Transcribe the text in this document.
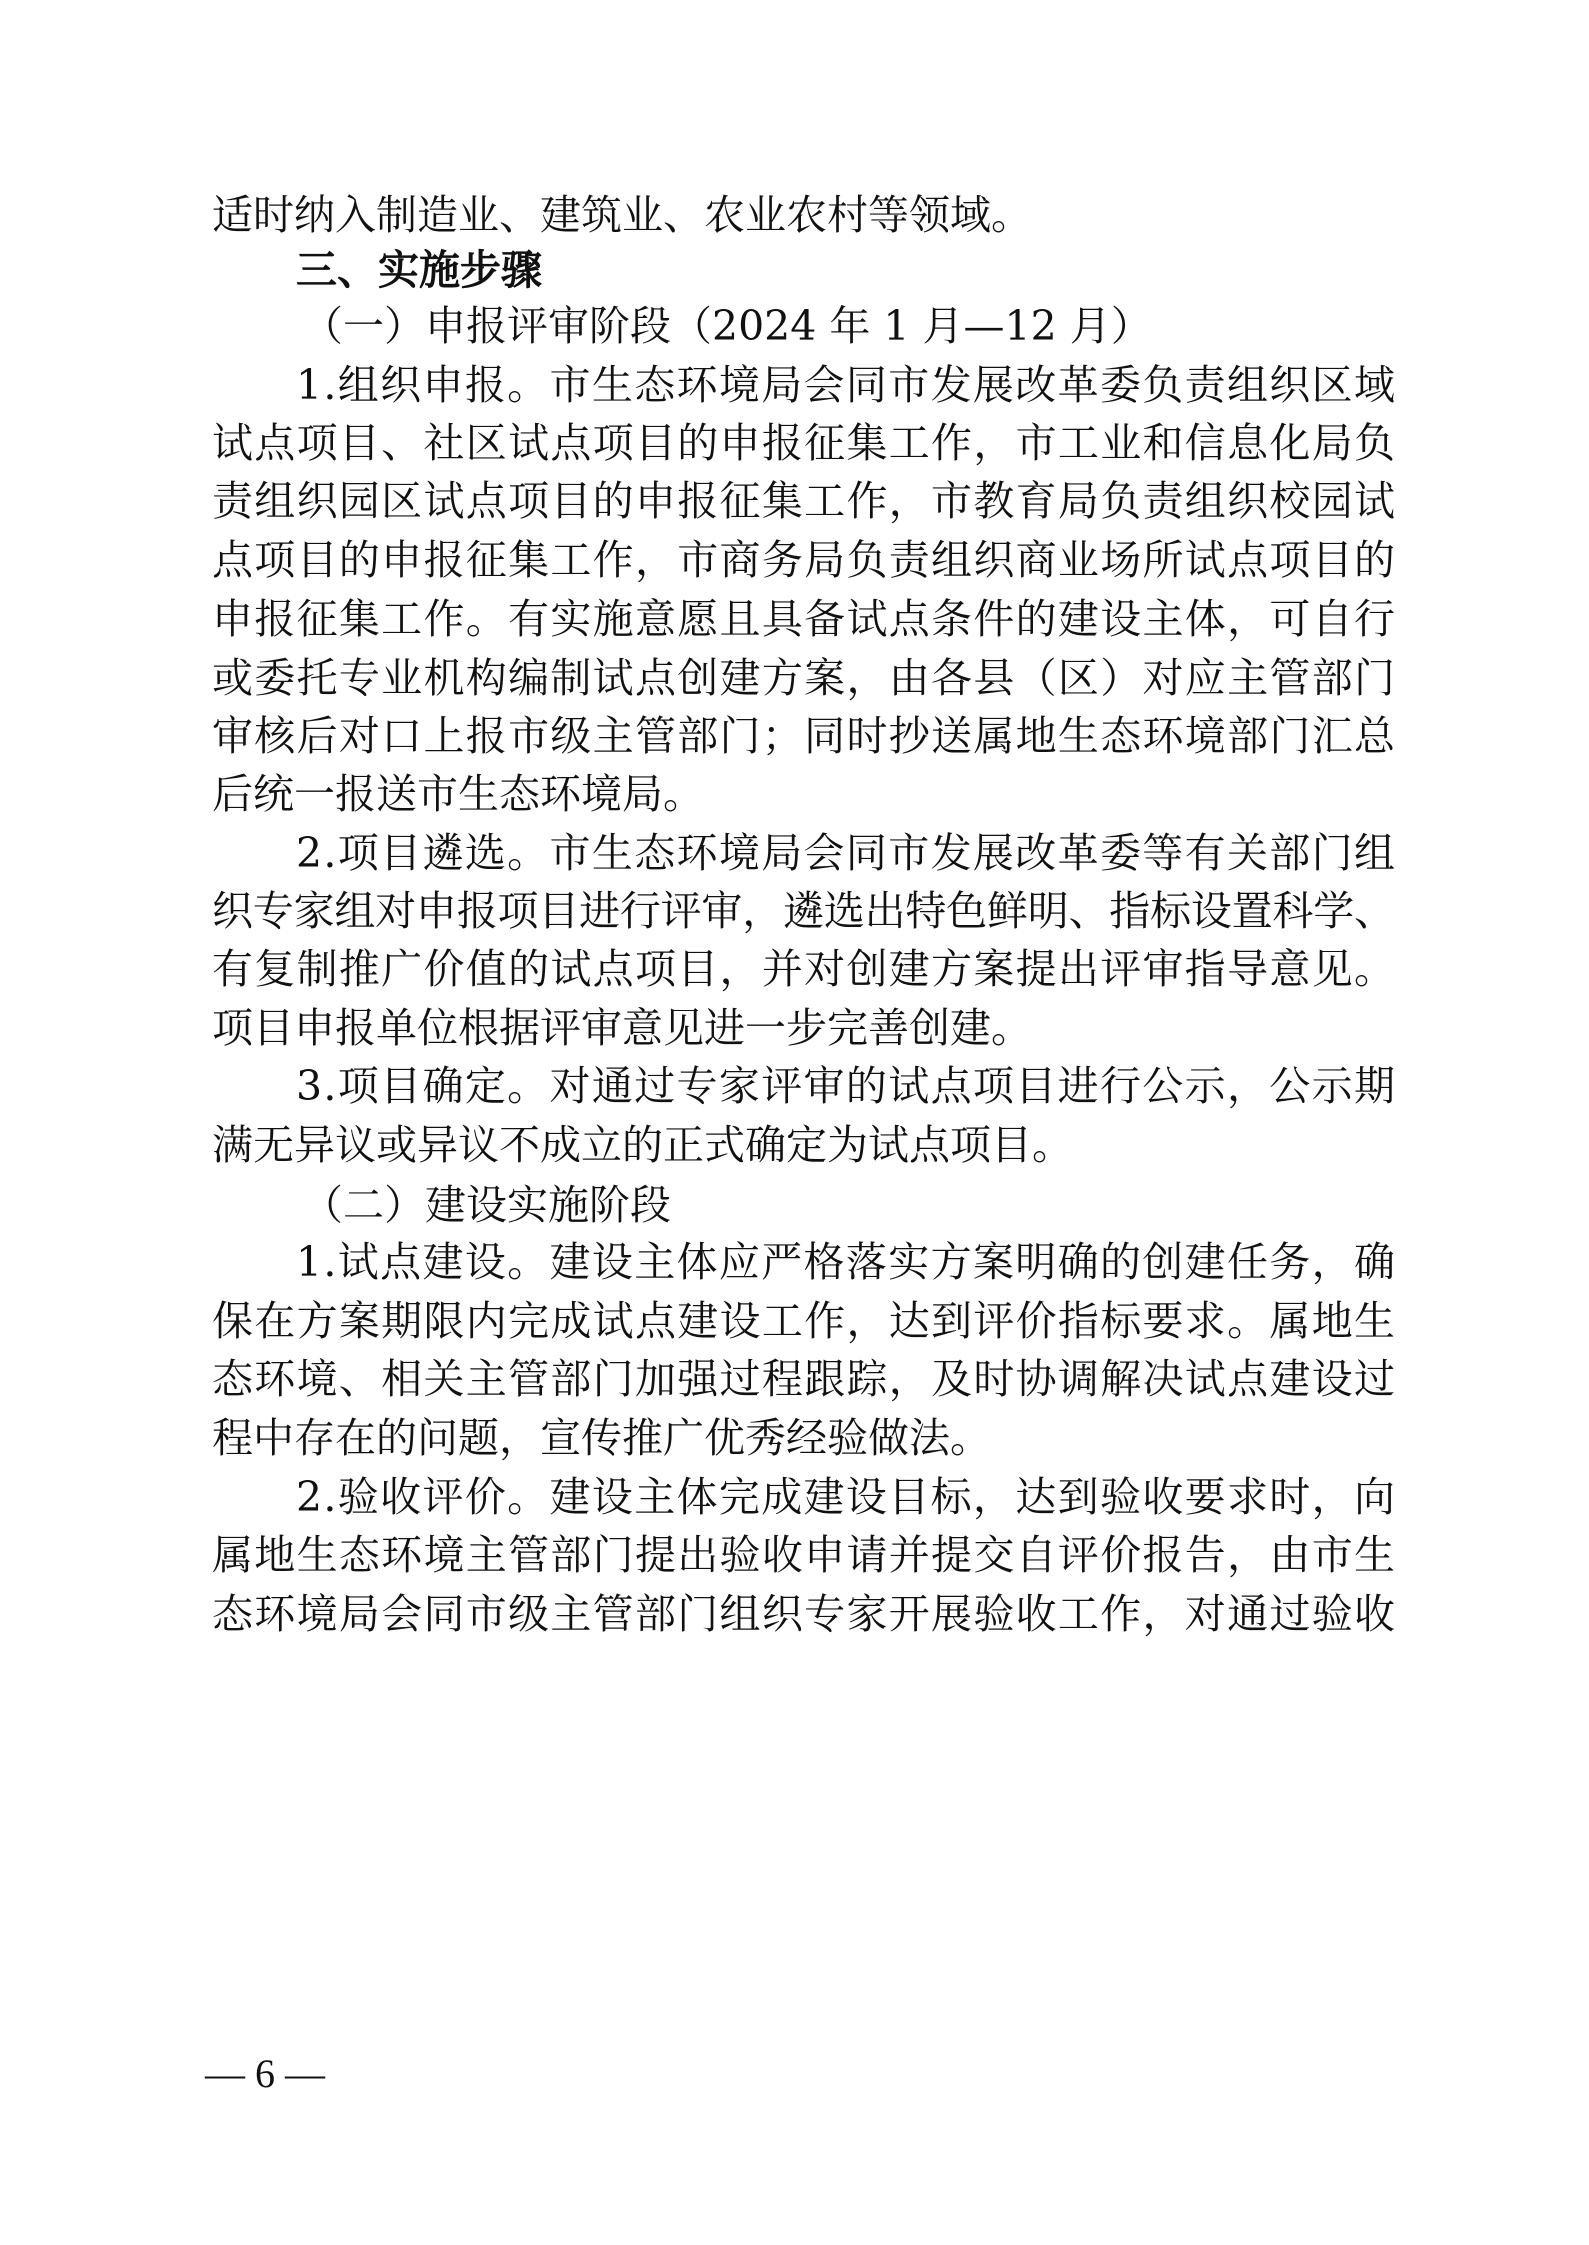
适时纳入制造业、建筑业、农业农村等领域。
三、实施步骤
（一）申报评审阶段（2024 年 1 月—12 月）
1.组织申报。市生态环境局会同市发展改革委负责组织区域
试点项目、社区试点项目的申报征集工作，市工业和信息化局负
责组织园区试点项目的申报征集工作，市教育局负责组织校园试
点项目的申报征集工作，市商务局负责组织商业场所试点项目的
申报征集工作。有实施意愿且具备试点条件的建设主体，可自行
或委托专业机构编制试点创建方案，由各县（区）对应主管部门
审核后对口上报市级主管部门；同时抄送属地生态环境部门汇总
后统一报送市生态环境局。
2.项目遴选。市生态环境局会同市发展改革委等有关部门组
织专家组对申报项目进行评审，遴选出特色鲜明、指标设置科学、
有复制推广价值的试点项目，并对创建方案提出评审指导意见。
项目申报单位根据评审意见进一步完善创建。
3.项目确定。对通过专家评审的试点项目进行公示，公示期
满无异议或异议不成立的正式确定为试点项目。
（二）建设实施阶段
1.试点建设。建设主体应严格落实方案明确的创建任务，确
保在方案期限内完成试点建设工作，达到评价指标要求。属地生
态环境、相关主管部门加强过程跟踪，及时协调解决试点建设过
程中存在的问题，宣传推广优秀经验做法。
2.验收评价。建设主体完成建设目标，达到验收要求时，向
属地生态环境主管部门提出验收申请并提交自评价报告，由市生
态环境局会同市级主管部门组织专家开展验收工作，对通过验收
— 6 —
